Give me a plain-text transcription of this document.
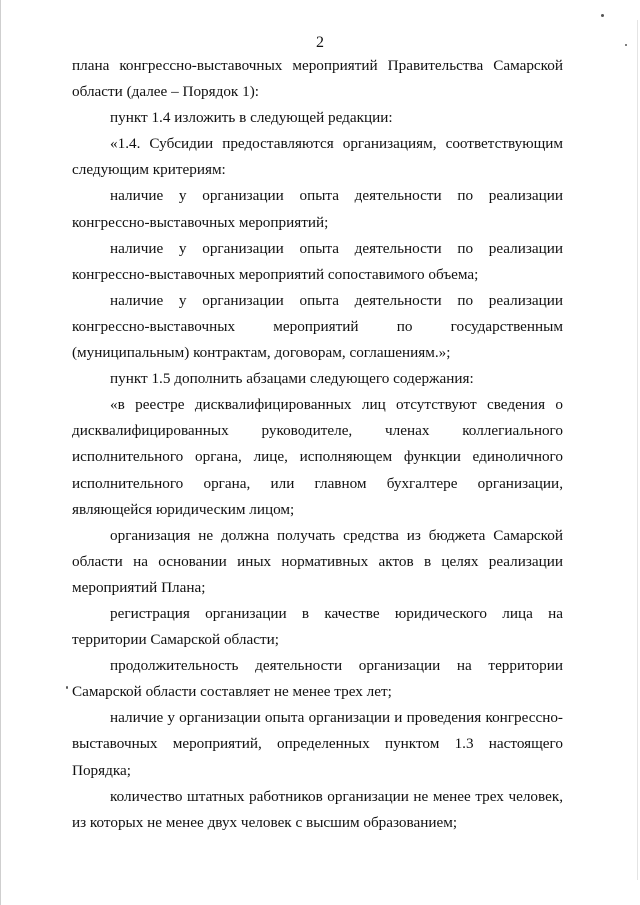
2

плана конгрессно-выставочных мероприятий Правительства Самарской
области (далее – Порядок 1):

пункт 1.4 изложить в следующей редакции:

«1.4. Субсидии предоставляются организациям, соответствующим
следующим критериям:

наличие у организации опыта деятельности по реализации
конгрессно-выставочных мероприятий;

наличие у организации опыта деятельности по реализации
конгрессно-выставочных мероприятий сопоставимого объема;

наличие у организации опыта деятельности по реализации
конгрессно-выставочных мероприятий по государственным
(муниципальным) контрактам, договорам, соглашениям.»;

пункт 1.5 дополнить абзацами следующего содержания:

«в реестре дисквалифицированных лиц отсутствуют сведения о
дисквалифицированных руководителе, членах коллегиального
исполнительного органа, лице, исполняющем функции единоличного
исполнительного органа, или главном бухгалтере организации,
являющейся юридическим лицом;

организация не должна получать средства из бюджета Самарской
области на основании иных нормативных актов в целях реализации
мероприятий Плана;

регистрация организации в качестве юридического лица на
территории Самарской области;

продолжительность деятельности организации на территории
Самарской области составляет не менее трех лет;

наличие у организации опыта организации и проведения конгрессно-
выставочных мероприятий, определенных пунктом 1.3 настоящего
Порядка;

количество штатных работников организации не менее трех человек,
из которых не менее двух человек с высшим образованием;
